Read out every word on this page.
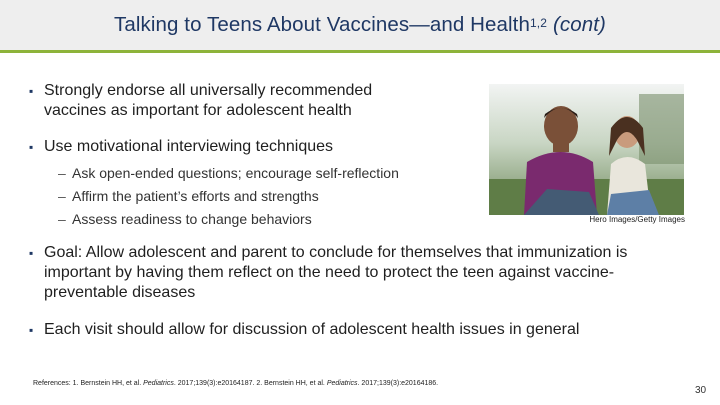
Talking to Teens About Vaccines—and Health$^{1,2}$ (cont)
▪ Strongly endorse all universally recommended vaccines as important for adolescent health
▪ Use motivational interviewing techniques
– Ask open-ended questions; encourage self-reflection
– Affirm the patient’s efforts and strengths
– Assess readiness to change behaviors	Hero Images/Getty Images
▪ Goal: Allow adolescent and parent to conclude for themselves that immunization is important by having them reflect on the need to protect the teen against vaccine-preventable diseases
▪ Each visit should allow for discussion of adolescent health issues in general
References: 1. Bernstein HH, et al. Pediatrics. 2017;139(3):e20164187. 2. Bernstein HH, et al. Pediatrics. 2017;139(3):e20164186.
30
